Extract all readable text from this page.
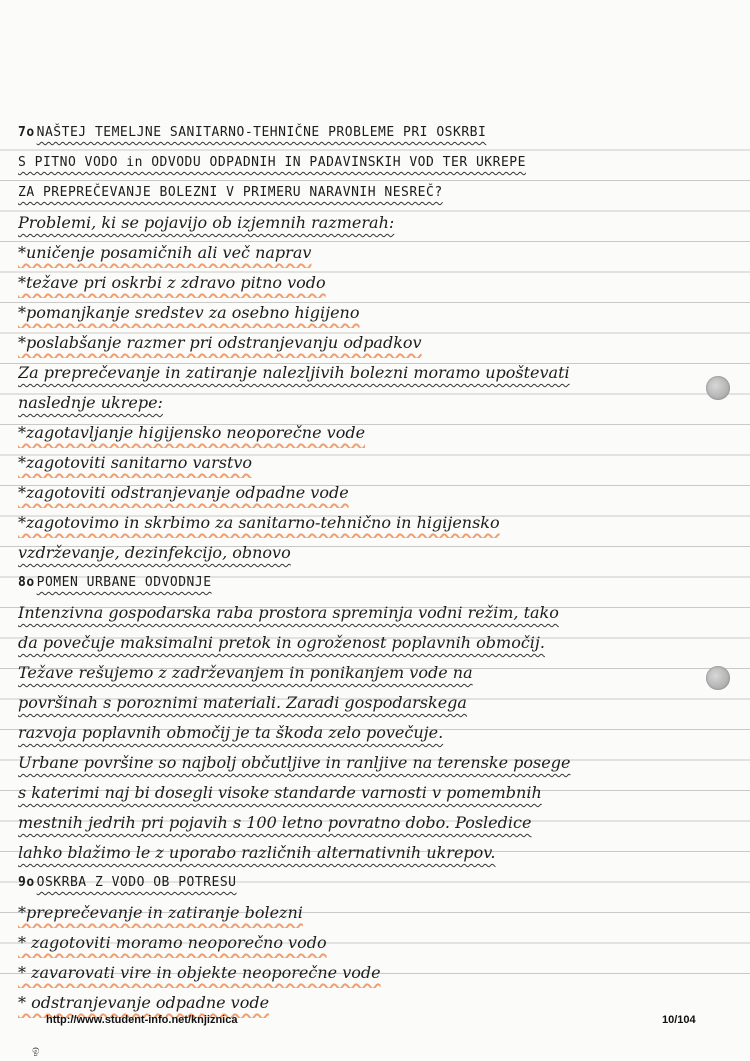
7o NAŠTEJ TEMELJNE SANITARNO-TEHNIČNE PROBLEME PRI OSKRBI
S PITNO VODO in ODVODU ODPADNIH IN PADAVINSKIH VOD TER UKREPE
ZA PREPREČEVANJE BOLEZNI V PRIMERU NARAVNIH NESREČ?
Problemi, ki se pojavijo ob izjemnih razmerah:
*uničenje posamičnih ali več naprav
*težave pri oskrbi z zdravo pitno vodo
*pomanjkanje sredstev za osebno higijeno
*poslabšanje razmer pri odstranjevanju odpadkov
Za preprečevanje in zatiranje nalezljivih bolezni moramo upoštevati
naslednje ukrepe:
*zagotavljanje higijensko neoporečne vode
*zagotoviti sanitarno varstvo
*zagotoviti odstranjevanje odpadne vode
*zagotovimo in skrbimo za sanitarno-tehnično in higijensko
vzdrževanje, dezinfekcijo, obnovo
8o POMEN URBANE ODVODNJE
Intenzivna gospodarska raba prostora spreminja vodni režim, tako
da povečuje maksimalni pretok in ogroženost poplavnih območij.
Težave rešujemo z zadrževanjem in ponikanjem vode na
površinah s poroznimi materiali. Zaradi gospodarskega
razvoja poplavnih območij je ta škoda zelo povečuje.
Urbane površine so najbolj občutljive in ranljive na terenske posege
s katerimi naj bi dosegli visoke standarde varnosti v pomembnih
mestnih jedrih pri pojavih s 100 letno povratno dobo. Posledice
lahko blažimo le z uporabo različnih alternativnih ukrepov.
9o OSKRBA Z VODO OB POTRESU
*preprečevanje in zatiranje bolezni
* zagotoviti moramo neoporečno vodo
* zavarovati vire in objekte neoporečne vode
* odstranjevanje odpadne vode
http://www.student-info.net/knjiznica	10/104
ඉ
